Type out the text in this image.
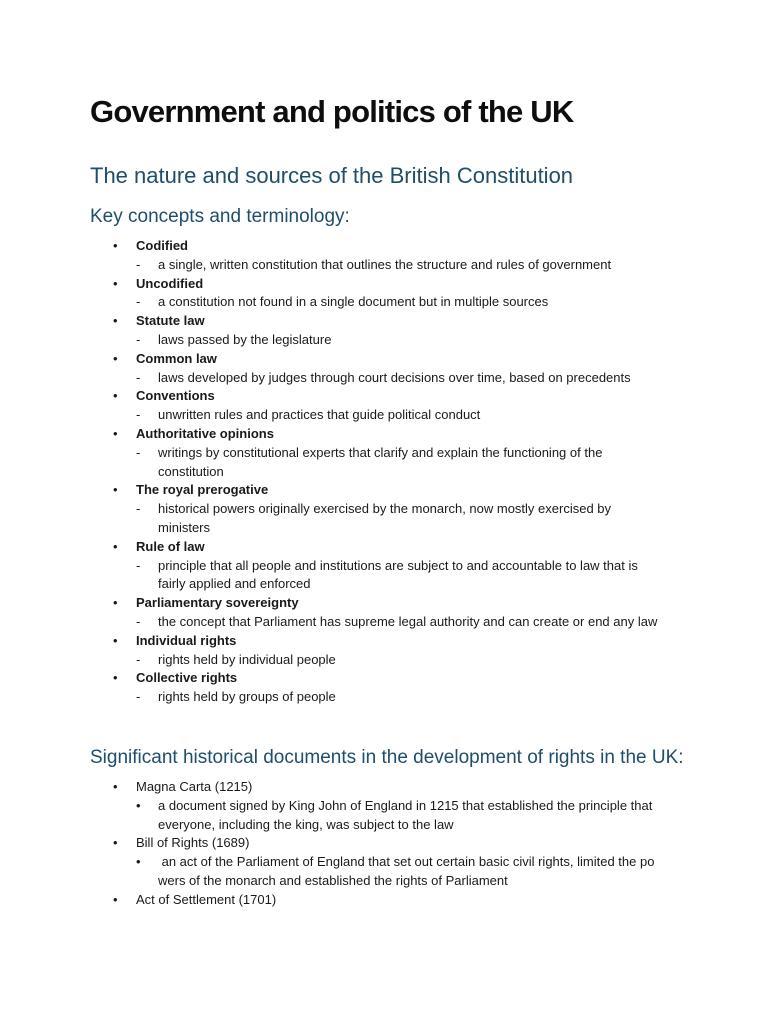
Government and politics of the UK
The nature and sources of the British Constitution
Key concepts and terminology:
• Codified
- a single, written constitution that outlines the structure and rules of government
• Uncodified
- a constitution not found in a single document but in multiple sources
• Statute law
- laws passed by the legislature
• Common law
- laws developed by judges through court decisions over time, based on precedents
• Conventions
- unwritten rules and practices that guide political conduct
• Authoritative opinions
- writings by constitutional experts that clarify and explain the functioning of the
constitution
• The royal prerogative
- historical powers originally exercised by the monarch, now mostly exercised by
ministers
• Rule of law
- principle that all people and institutions are subject to and accountable to law that is
fairly applied and enforced
• Parliamentary sovereignty
- the concept that Parliament has supreme legal authority and can create or end any law
• Individual rights
- rights held by individual people
• Collective rights
- rights held by groups of people
Significant historical documents in the development of rights in the UK:
• Magna Carta (1215)
• a document signed by King John of England in 1215 that established the principle that
everyone, including the king, was subject to the law
• Bill of Rights (1689)
• an act of the Parliament of England that set out certain basic civil rights, limited the po
wers of the monarch and established the rights of Parliament
• Act of Settlement (1701)
